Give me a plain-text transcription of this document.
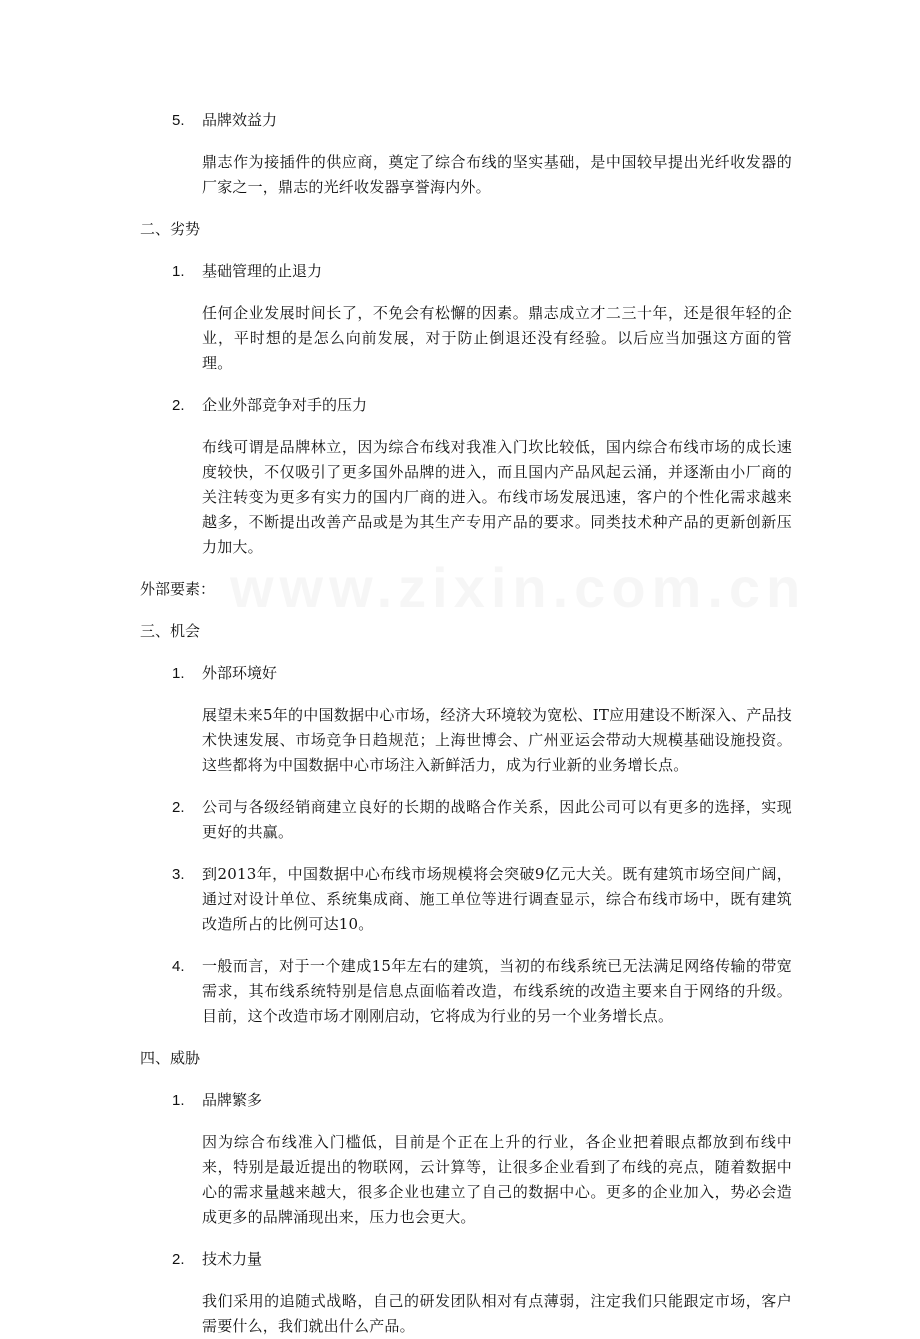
5.	品牌效益力
鼎志作为接插件的供应商，奠定了综合布线的坚实基础，是中国较早提出光纤收发器的厂家之一，鼎志的光纤收发器享誉海内外。
二、劣势
1.	基础管理的止退力
任何企业发展时间长了，不免会有松懈的因素。鼎志成立才二三十年，还是很年轻的企业，平时想的是怎么向前发展，对于防止倒退还没有经验。以后应当加强这方面的管理。
2.	企业外部竞争对手的压力
布线可谓是品牌林立，因为综合布线对我准入门坎比较低，国内综合布线市场的成长速度较快，不仅吸引了更多国外品牌的进入，而且国内产品风起云涌，并逐渐由小厂商的关注转变为更多有实力的国内厂商的进入。布线市场发展迅速，客户的个性化需求越来越多，不断提出改善产品或是为其生产专用产品的要求。同类技术种产品的更新创新压力加大。
外部要素：
三、机会
1.	外部环境好
展望未来5年的中国数据中心市场，经济大环境较为宽松、IT应用建设不断深入、产品技术快速发展、市场竞争日趋规范；上海世博会、广州亚运会带动大规模基础设施投资。这些都将为中国数据中心市场注入新鲜活力，成为行业新的业务增长点。
2.	公司与各级经销商建立良好的长期的战略合作关系，因此公司可以有更多的选择，实现更好的共赢。
3.	到2013年，中国数据中心布线市场规模将会突破9亿元大关。既有建筑市场空间广阔，通过对设计单位、系统集成商、施工单位等进行调查显示，综合布线市场中，既有建筑改造所占的比例可达10。
4.	一般而言，对于一个建成15年左右的建筑，当初的布线系统已无法满足网络传输的带宽需求，其布线系统特别是信息点面临着改造，布线系统的改造主要来自于网络的升级。目前，这个改造市场才刚刚启动，它将成为行业的另一个业务增长点。
四、威胁
1.	品牌繁多
因为综合布线准入门槛低，目前是个正在上升的行业，各企业把着眼点都放到布线中来，特别是最近提出的物联网，云计算等，让很多企业看到了布线的亮点，随着数据中心的需求量越来越大，很多企业也建立了自己的数据中心。更多的企业加入，势必会造成更多的品牌涌现出来，压力也会更大。
2.	技术力量
我们采用的追随式战略，自己的研发团队相对有点薄弱，注定我们只能跟定市场，客户需要什么，我们就出什么产品。
